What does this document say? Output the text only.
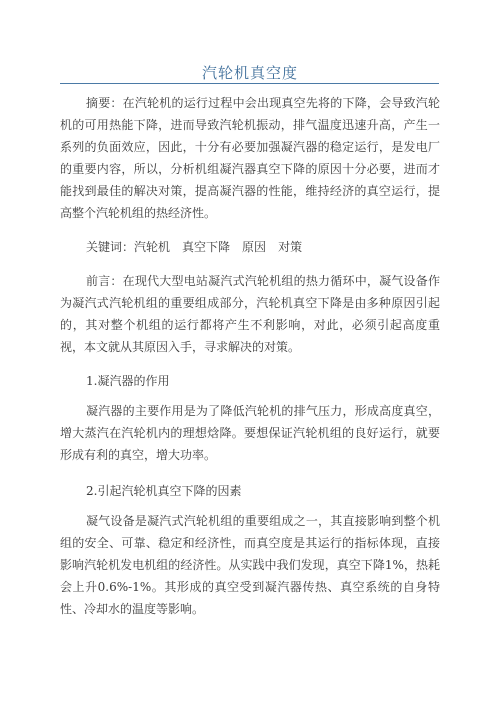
汽轮机真空度
摘要：在汽轮机的运行过程中会出现真空先将的下降，会导致汽轮机的可用热能下降，进而导致汽轮机振动，排气温度迅速升高，产生一系列的负面效应，因此，十分有必要加强凝汽器的稳定运行，是发电厂的重要内容，所以，分析机组凝汽器真空下降的原因十分必要，进而才能找到最佳的解决对策，提高凝汽器的性能，维持经济的真空运行，提高整个汽轮机组的热经济性。
关键词：汽轮机 真空下降 原因 对策
前言：在现代大型电站凝汽式汽轮机组的热力循环中，凝气设备作为凝汽式汽轮机组的重要组成部分，汽轮机真空下降是由多种原因引起的，其对整个机组的运行都将产生不利影响，对此，必须引起高度重视，本文就从其原因入手，寻求解决的对策。
1.凝汽器的作用
凝汽器的主要作用是为了降低汽轮机的排气压力，形成高度真空，增大蒸汽在汽轮机内的理想焓降。要想保证汽轮机组的良好运行，就要形成有利的真空，增大功率。
2.引起汽轮机真空下降的因素
凝气设备是凝汽式汽轮机组的重要组成之一，其直接影响到整个机组的安全、可靠、稳定和经济性，而真空度是其运行的指标体现，直接影响汽轮机发电机组的经济性。从实践中我们发现，真空下降1%，热耗会上升0.6%-1%。其形成的真空受到凝汽器传热、真空系统的自身特性、冷却水的温度等影响。
